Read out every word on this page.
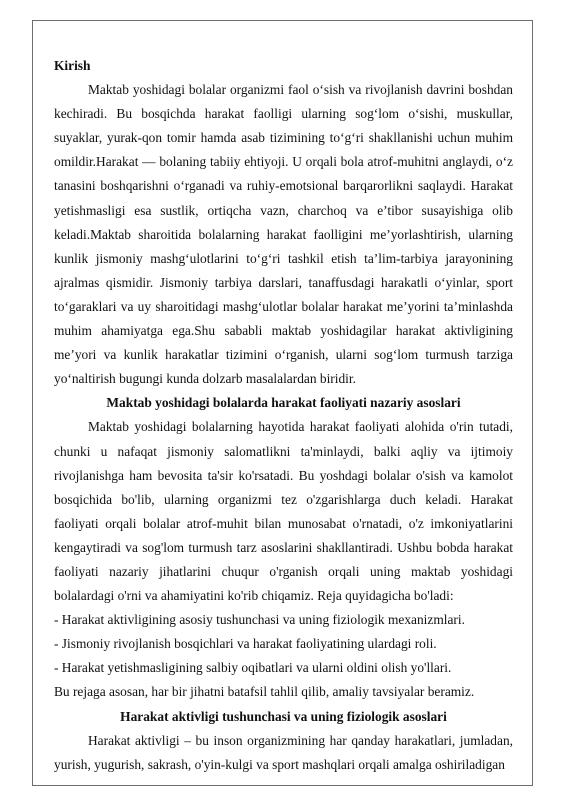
Kirish

Maktab yoshidagi bolalar organizmi faol o‘sish va rivojlanish davrini boshdan kechiradi. Bu bosqichda harakat faolligi ularning sog‘lom o‘sishi, muskullar, suyaklar, yurak-qon tomir hamda asab tizimining to‘g‘ri shakllanishi uchun muhim omildir.Harakat — bolaning tabiiy ehtiyoji. U orqali bola atrof-muhitni anglaydi, o‘z tanasini boshqarishni o‘rganadi va ruhiy-emotsional barqarorlikni saqlaydi. Harakat yetishmasligi esa sustlik, ortiqcha vazn, charchoq va e’tibor susayishiga olib keladi.Maktab sharoitida bolalarning harakat faolligini me’yorlashtirish, ularning kunlik jismoniy mashg‘ulotlarini to‘g‘ri tashkil etish ta’lim-tarbiya jarayonining ajralmas qismidir. Jismoniy tarbiya darslari, tanaffusdagi harakatli o‘yinlar, sport to‘garaklari va uy sharoitidagi mashg‘ulotlar bolalar harakat me’yorini ta’minlashda muhim ahamiyatga ega.Shu sababli maktab yoshidagilar harakat aktivligining me’yori va kunlik harakatlar tizimini o‘rganish, ularni sog‘lom turmush tarziga yo‘naltirish bugungi kunda dolzarb masalalardan biridir.

Maktab yoshidagi bolalarda harakat faoliyati nazariy asoslari

Maktab yoshidagi bolalarning hayotida harakat faoliyati alohida o'rin tutadi, chunki u nafaqat jismoniy salomatlikni ta'minlaydi, balki aqliy va ijtimoiy rivojlanishga ham bevosita ta'sir ko'rsatadi. Bu yoshdagi bolalar o'sish va kamolot bosqichida bo'lib, ularning organizmi tez o'zgarishlarga duch keladi. Harakat faoliyati orqali bolalar atrof-muhit bilan munosabat o'rnatadi, o'z imkoniyatlarini kengaytiradi va sog'lom turmush tarz asoslarini shakllantiradi. Ushbu bobda harakat faoliyati nazariy jihatlarini chuqur o'rganish orqali uning maktab yoshidagi bolalardagi o'rni va ahamiyatini ko'rib chiqamiz. Reja quyidagicha bo'ladi:

- Harakat aktivligining asosiy tushunchasi va uning fiziologik mexanizmlari.

- Jismoniy rivojlanish bosqichlari va harakat faoliyatining ulardagi roli.

- Harakat yetishmasligining salbiy oqibatlari va ularni oldini olish yo'llari.

Bu rejaga asosan, har bir jihatni batafsil tahlil qilib, amaliy tavsiyalar beramiz.

Harakat aktivligi tushunchasi va uning fiziologik asoslari

Harakat aktivligi – bu inson organizmining har qanday harakatlari, jumladan, yurish, yugurish, sakrash, o'yin-kulgi va sport mashqlari orqali amalga oshiriladigan
